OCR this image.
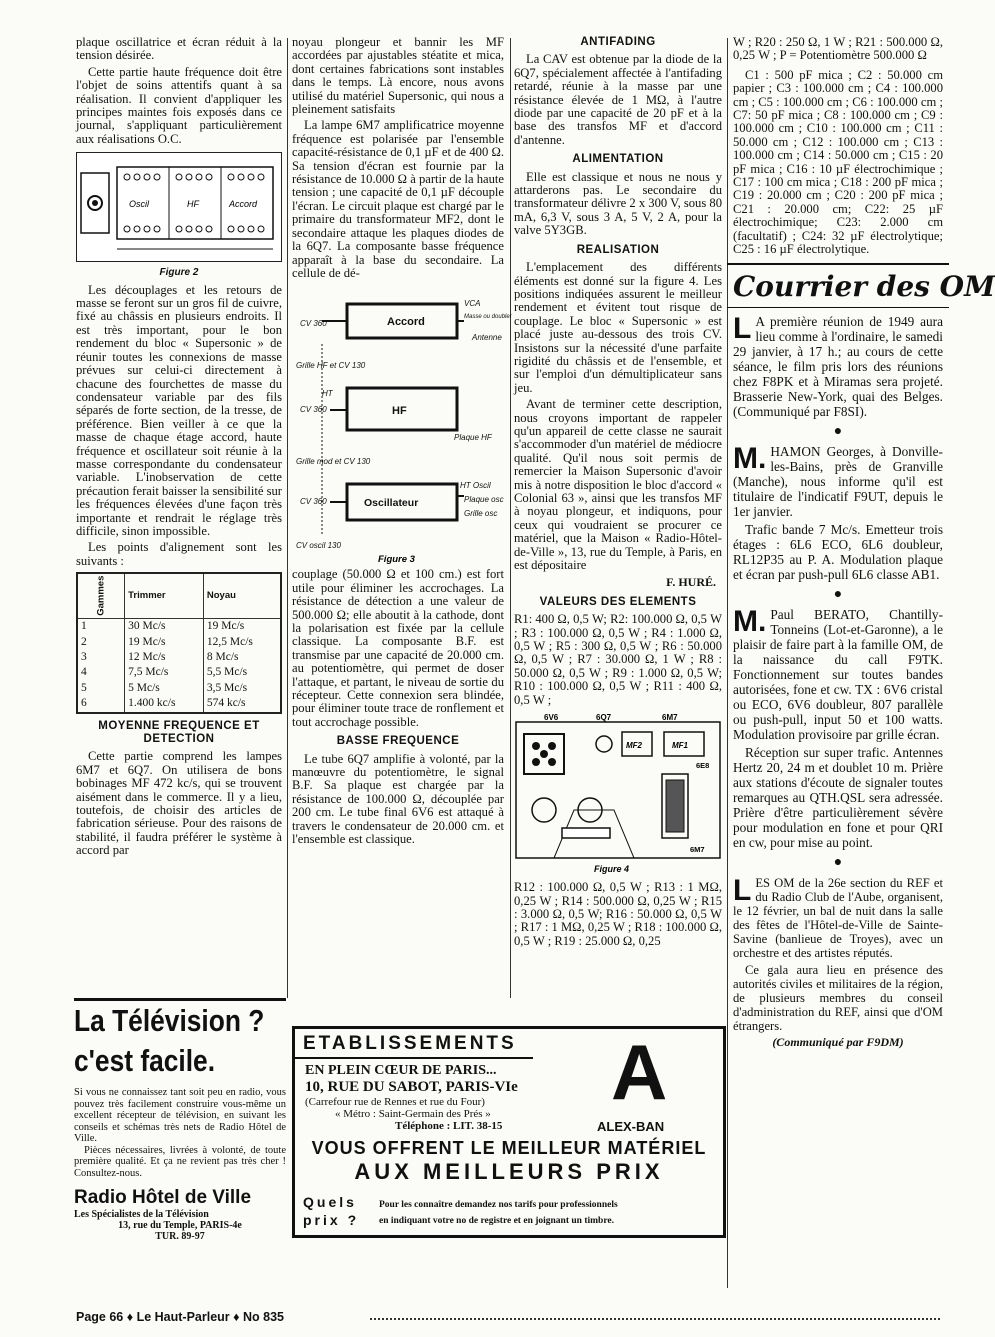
plaque oscillatrice et écran réduit à la tension désirée.

Cette partie haute fréquence doit être l'objet de soins attentifs quant à sa réalisation. Il convient d'appliquer les principes maintes fois exposés dans ce journal, s'appliquant particulièrement aux réalisations O.C.

Oscil	HF	Accord
Figure 2

Les découplages et les retours de masse se feront sur un gros fil de cuivre, fixé au châssis en plusieurs endroits. Il est très important, pour le bon rendement du bloc « Supersonic » de réunir toutes les connexions de masse prévues sur celui-ci directement à chacune des fourchettes de masse du condensateur variable par des fils séparés de forte section, de la tresse, de préférence. Bien veiller à ce que la masse de chaque étage accord, haute fréquence et oscillateur soit réunie à la masse correspondante du condensateur variable. L'inobservation de cette précaution ferait baisser la sensibilité sur les fréquences élevées d'une façon très importante et rendrait le réglage très difficile, sinon impossible.

Les points d'alignement sont les suivants :

Gammes	Trimmer	Noyau
1	30 Mc/s	19 Mc/s
2	19 Mc/s	12,5 Mc/s
3	12 Mc/s	8 Mc/s
4	7,5 Mc/s	5,5 Mc/s
5	5 Mc/s	3,5 Mc/s
6	1.400 kc/s	574 kc/s
MOYENNE FREQUENCE ET DETECTION

Cette partie comprend les lampes 6M7 et 6Q7. On utilisera de bons bobinages MF 472 kc/s, qui se trouvent aisément dans le commerce. Il y a lieu, toutefois, de choisir des articles de fabrication sérieuse. Pour des raisons de stabilité, il faudra préférer le système à accord par

noyau plongeur et bannir les MF accordées par ajustables stéatite et mica, dont certaines fabrications sont instables dans le temps. Là encore, nous avons utilisé du matériel Supersonic, qui nous a pleinement satisfaits

La lampe 6M7 amplificatrice moyenne fréquence est polarisée par l'ensemble capacité-résistance de 0,1 µF et de 400 Ω. Sa tension d'écran est fournie par la résistance de 10.000 Ω à partir de la haute tension ; une capacité de 0,1 µF découple l'écran. Le circuit plaque est chargé par le primaire du transformateur MF2, dont le secondaire attaque les plaques diodes de la 6Q7. La composante basse fréquence apparaît à la base du secondaire. La cellule de dé-

Accord
CV 360
VCA
Masse ou doubler
Antenne
Grille HF et CV 130
HF
HT
CV 360
Plaque HF
Grille mod et CV 130
Oscillateur
CV 360
HT Oscil
Plaque osc
Grille osc
CV oscil 130
Figure 3

couplage (50.000 Ω et 100 cm.) est fort utile pour éliminer les accrochages. La résistance de détection a une valeur de 500.000 Ω; elle aboutit à la cathode, dont la polarisation est fixée par la cellule classique. La composante B.F. est transmise par une capacité de 20.000 cm. au potentiomètre, qui permet de doser l'attaque, et partant, le niveau de sortie du récepteur. Cette connexion sera blindée, pour éliminer toute trace de ronflement et tout accrochage possible.

BASSE FREQUENCE

Le tube 6Q7 amplifie à volonté, par la manœuvre du potentiomètre, le signal B.F. Sa plaque est chargée par la résistance de 100.000 Ω, découplée par 200 cm. Le tube final 6V6 est attaqué à travers le condensateur de 20.000 cm. et l'ensemble est classique.

ANTIFADING

La CAV est obtenue par la diode de la 6Q7, spécialement affectée à l'antifading retardé, réunie à la masse par une résistance élevée de 1 MΩ, à l'autre diode par une capacité de 20 pF et à la base des transfos MF et d'accord d'antenne.

ALIMENTATION

Elle est classique et nous ne nous y attarderons pas. Le secondaire du transformateur délivre 2 x 300 V, sous 80 mA, 6,3 V, sous 3 A, 5 V, 2 A, pour la valve 5Y3GB.

REALISATION

L'emplacement des différents éléments est donné sur la figure 4. Les positions indiquées assurent le meilleur rendement et évitent tout risque de couplage. Le bloc « Supersonic » est placé juste au-dessous des trois CV. Insistons sur la nécessité d'une parfaite rigidité du châssis et de l'ensemble, et sur l'emploi d'un démultiplicateur sans jeu.

Avant de terminer cette description, nous croyons important de rappeler qu'un appareil de cette classe ne saurait s'accommoder d'un matériel de médiocre qualité. Qu'il nous soit permis de remercier la Maison Supersonic d'avoir mis à notre disposition le bloc d'accord « Colonial 63 », ainsi que les transfos MF à noyau plongeur, et indiquons, pour ceux qui voudraient se procurer ce matériel, que la Maison « Radio-Hôtel-de-Ville », 13, rue du Temple, à Paris, en est dépositaire

F. HURÉ.
VALEURS DES ELEMENTS

R1: 400 Ω, 0,5 W; R2: 100.000 Ω, 0,5 W ; R3 : 100.000 Ω, 0,5 W ; R4 : 1.000 Ω, 0,5 W ; R5 : 300 Ω, 0,5 W ; R6 : 50.000 Ω, 0,5 W ; R7 : 30.000 Ω, 1 W ; R8 : 50.000 Ω, 0,5 W ; R9 : 1.000 Ω, 0,5 W; R10 : 100.000 Ω, 0,5 W ; R11 : 400 Ω, 0,5 W ;

6V6	6Q7	6M7
MF2	MF1
6E8
6M7
Figure 4

R12 : 100.000 Ω, 0,5 W ; R13 : 1 MΩ, 0,25 W ; R14 : 500.000 Ω, 0,25 W ; R15 : 3.000 Ω, 0,5 W; R16 : 50.000 Ω, 0,5 W ; R17 : 1 MΩ, 0,25 W ; R18 : 100.000 Ω, 0,5 W ; R19 : 25.000 Ω, 0,25

W ; R20 : 250 Ω, 1 W ; R21 : 500.000 Ω, 0,25 W ; P = Potentiomètre 500.000 Ω

C1 : 500 pF mica ; C2 : 50.000 cm papier ; C3 : 100.000 cm ; C4 : 100.000 cm ; C5 : 100.000 cm ; C6 : 100.000 cm ; C7: 50 pF mica ; C8 : 100.000 cm ; C9 : 100.000 cm ; C10 : 100.000 cm ; C11 : 50.000 cm ; C12 : 100.000 cm ; C13 : 100.000 cm ; C14 : 50.000 cm ; C15 : 20 pF mica ; C16 : 10 µF électrochimique ; C17 : 100 cm mica ; C18 : 200 pF mica ; C19 : 20.000 cm ; C20 : 200 pF mica ; C21 : 20.000 cm; C22: 25 µF électrochimique; C23: 2.000 cm (facultatif) ; C24: 32 µF électrolytique; C25 : 16 µF électrolytique.

Courrier des OM

L A première réunion de 1949 aura lieu comme à l'ordinaire, le samedi 29 janvier, à 17 h.; au cours de cette séance, le film pris lors des réunions chez F8PK et à Miramas sera projeté. Brasserie New-York, quai des Belges. (Communiqué par F8SI).

●

M. HAMON Georges, à Donville-les-Bains, près de Granville (Manche), nous informe qu'il est titulaire de l'indicatif F9UT, depuis le 1er janvier.

Trafic bande 7 Mc/s. Emetteur trois étages : 6L6 ECO, 6L6 doubleur, RL12P35 au P. A. Modulation plaque et écran par push-pull 6L6 classe AB1.

●

M. Paul BERATO, Chantilly-Tonneins (Lot-et-Garonne), a le plaisir de faire part à la famille OM, de la naissance du call F9TK. Fonctionnement sur toutes bandes autorisées, fone et cw. TX : 6V6 cristal ou ECO, 6V6 doubleur, 807 parallèle ou push-pull, input 50 et 100 watts. Modulation provisoire par grille écran.

Réception sur super trafic. Antennes Hertz 20, 24 m et doublet 10 m. Prière aux stations d'écoute de signaler toutes remarques au QTH.QSL sera adressée. Prière d'être particulièrement sévère pour modulation en fone et pour QRI en cw, pour mise au point.

●

LES OM de la 26e section du REF et du Radio Club de l'Aube, organisent, le 12 février, un bal de nuit dans la salle des fêtes de l'Hôtel-de-Ville de Sainte-Savine (banlieue de Troyes), avec un orchestre et des artistes réputés.

Ce gala aura lieu en présence des autorités civiles et militaires de la région, de plusieurs membres du conseil d'administration du REF, ainsi que d'OM étrangers.

(Communiqué par F9DM)
La Télévision ?
c'est facile.
Si vous ne connaissez tant soit peu en radio, vous pouvez très facilement construire vous-même un excellent récepteur de télévision, en suivant les conseils et schémas très nets de Radio Hôtel de Ville.
Pièces nécessaires, livrées à volonté, de toute première qualité. Et ça ne revient pas très cher ! Consultez-nous.
Radio Hôtel de Ville
Les Spécialistes de la Télévision
13, rue du Temple, PARIS-4e
TUR. 89-97
ETABLISSEMENTS A
ALEX-BAN
EN PLEIN CŒUR DE PARIS...
10, RUE DU SABOT, PARIS-VIe
(Carrefour rue de Rennes et rue du Four)
« Métro : Saint-Germain des Prés »
Téléphone : LIT. 38-15
VOUS OFFRENT LE MEILLEUR MATÉRIEL
AUX MEILLEURS PRIX
Quels
prix ?
Pour les connaître demandez nos tarifs pour professionnels
en indiquant votre no de registre et en joignant un timbre.
Page 66 ♦ Le Haut-Parleur ♦ No 835
